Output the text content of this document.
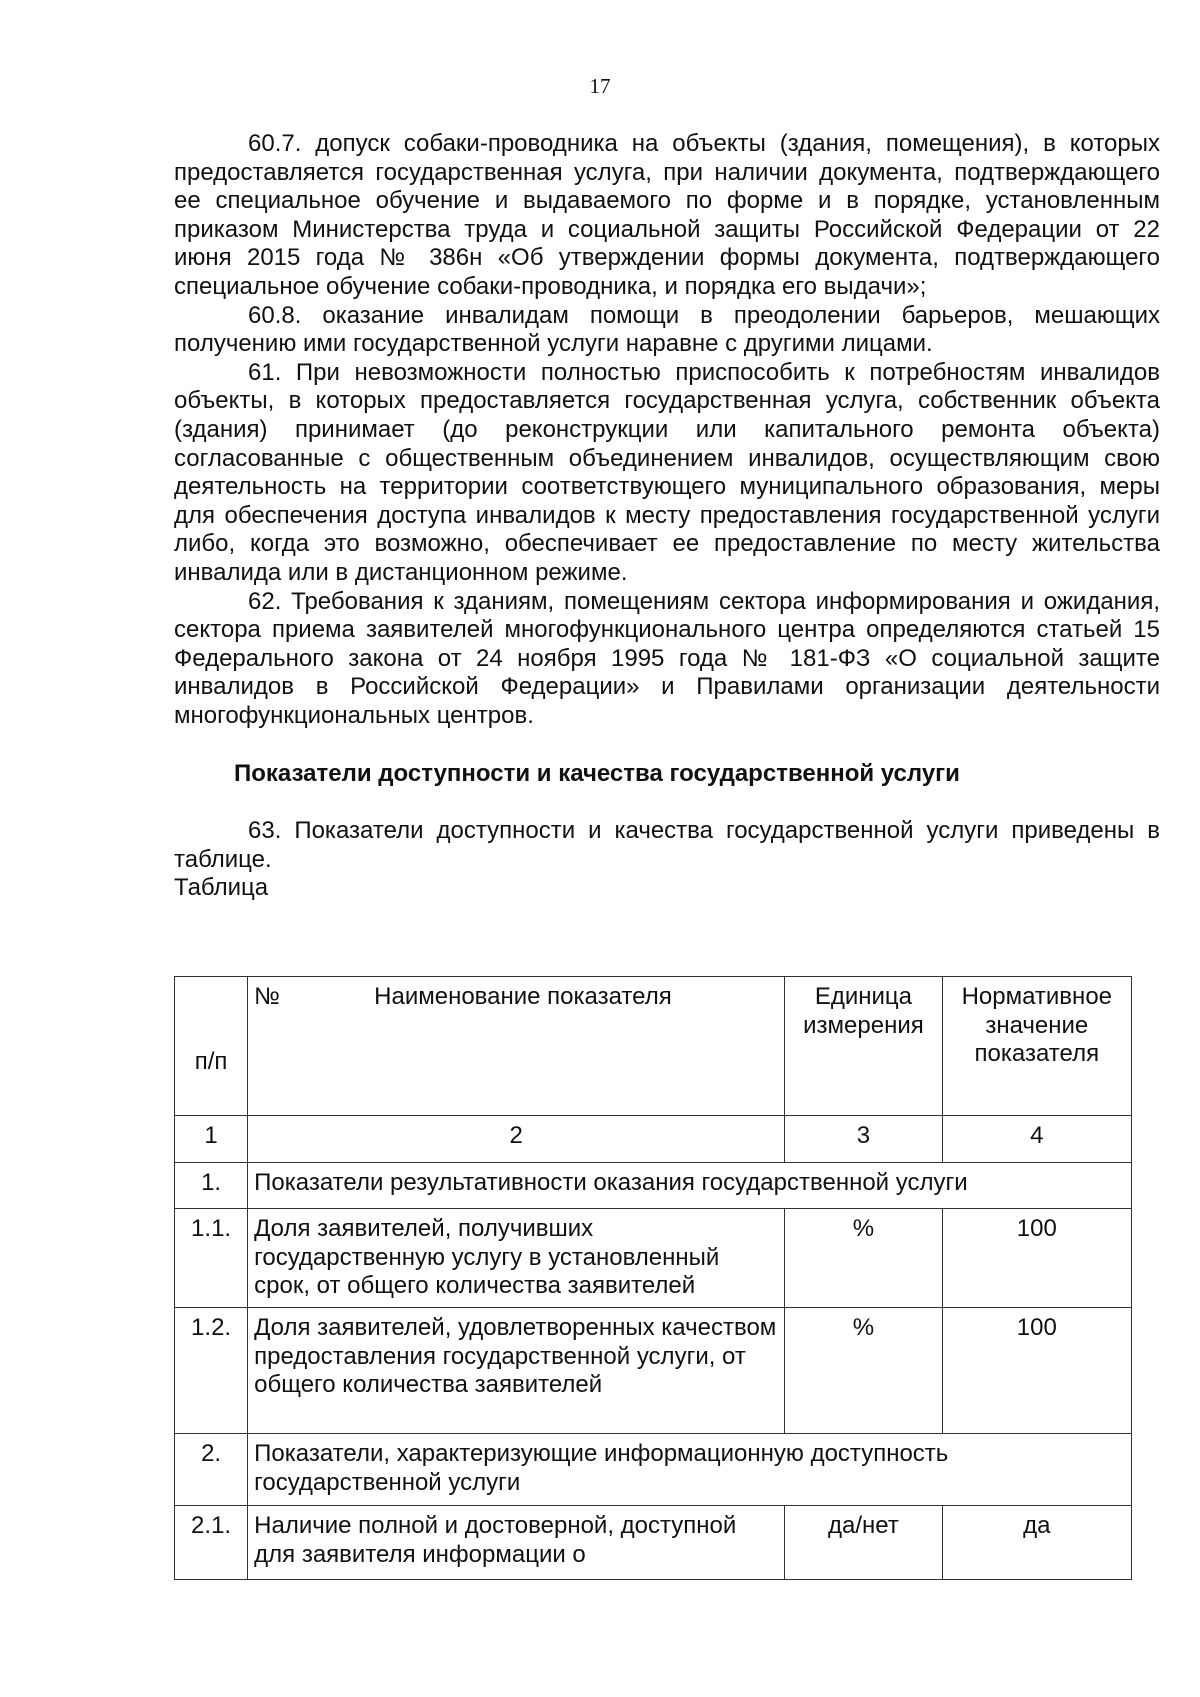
17

60.7. допуск собаки-проводника на объекты (здания, помещения), в которых предоставляется государственная услуга, при наличии документа, подтверждающего ее специальное обучение и выдаваемого по форме и в порядке, установленным приказом Министерства труда и социальной защиты Российской Федерации от 22 июня 2015 года № 386н «Об утверждении формы документа, подтверждающего специальное обучение собаки-проводника, и порядка его выдачи»;

60.8. оказание инвалидам помощи в преодолении барьеров, мешающих получению ими государственной услуги наравне с другими лицами.

61. При невозможности полностью приспособить к потребностям инвалидов объекты, в которых предоставляется государственная услуга, собственник объекта (здания) принимает (до реконструкции или капитального ремонта объекта) согласованные с общественным объединением инвалидов, осуществляющим свою деятельность на территории соответствующего муниципального образования, меры для обеспечения доступа инвалидов к месту предоставления государственной услуги либо, когда это возможно, обеспечивает ее предоставление по месту жительства инвалида или в дистанционном режиме.

62. Требования к зданиям, помещениям сектора информирования и ожидания, сектора приема заявителей многофункционального центра определяются статьей 15 Федерального закона от 24 ноября 1995 года № 181-ФЗ «О социальной защите инвалидов в Российской Федерации» и Правилами организации деятельности многофункциональных центров.

Показатели доступности и качества государственной услуги

63. Показатели доступности и качества государственной услуги приведены в таблице.

Таблица

п/п	№ Наименование показателя	Единица измерения	Нормативное значение показателя
1	2	3	4
1.	Показатели результативности оказания государственной услуги		
1.1.	Доля заявителей, получивших государственную услугу в установленный срок, от общего количества заявителей	%	100
1.2.	Доля заявителей, удовлетворенных качеством предоставления государственной услуги, от общего количества заявителей	%	100
2.	Показатели, характеризующие информационную доступность государственной услуги		
2.1.	Наличие полной и достоверной, доступной для заявителя информации о	да/нет	да
